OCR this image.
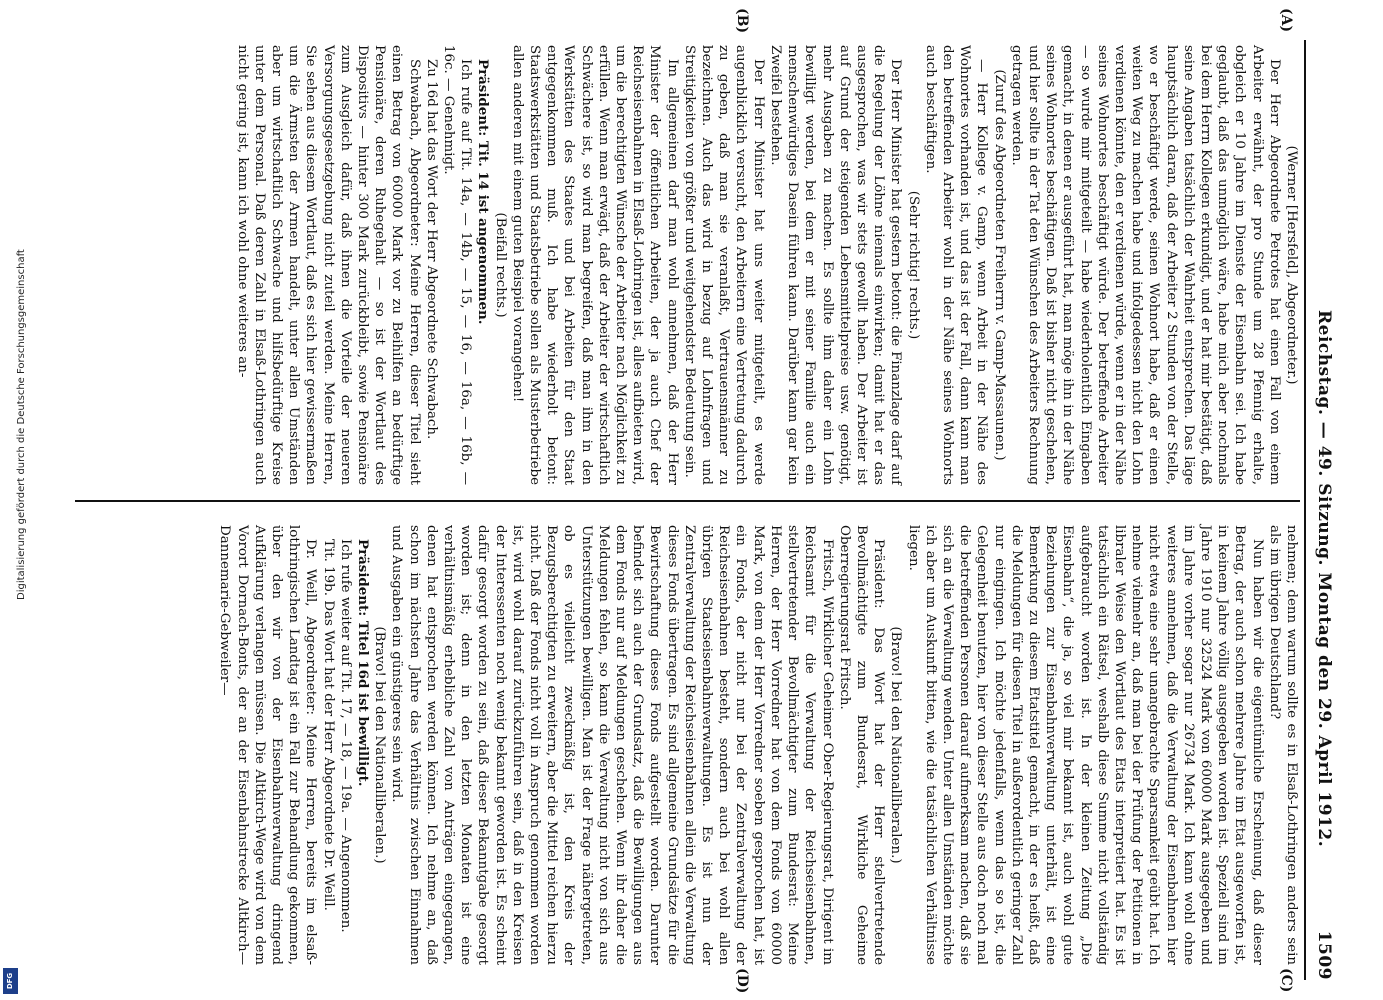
Digitalisierung gefördert durch die Deutsche Forschungsgemeinschaft
DFG
Reichstag. — 49. Sitzung. Montag den 29. April 1912.
1509
(A)
(B)
(C)
(D)

(Werner [Hersfeld], Abgeordneter.)

Der Herr Abgeordnete Petrotes hat einen Fall von einem Arbeiter erwähnt, der pro Stunde um 28 Pfennig erhalte, obgleich er 10 Jahre im Dienste der Eisenbahn sei. Ich habe geglaubt, daß das unmöglich wäre, habe mich aber nochmals bei dem Herrn Kollegen erkundigt, und er hat mir bestätigt, daß seine Angaben tatsächlich der Wahrheit entsprechen. Das läge hauptsächlich daran, daß der Arbeiter 2 Stunden von der Stelle, wo er beschäftigt werde, seinen Wohnort habe, daß er einen weiten Weg zu machen habe und infolgedessen nicht den Lohn verdienen könnte, den er verdienen würde, wenn er in der Nähe seines Wohnortes beschäftigt würde. Der betreffende Arbeiter — so wurde mir mitgeteilt — habe wiederholentlich Eingaben gemacht, in denen er ausgeführt hat, man möge ihn in der Nähe seines Wohnortes beschäftigen. Daß ist bisher nicht geschehen, und hier sollte in der Tat den Wünschen des Arbeiters Rechnung getragen werden.

(Zuruf des Abgeordneten Freiherrn v. Gamp-Massaunen.)

— Herr Kollege v. Gamp, wenn Arbeit in der Nähe des Wohnortes vorhanden ist, und das ist der Fall, dann kann man den betreffenden Arbeiter wohl in der Nähe seines Wohnorts auch beschäftigen.

(Sehr richtig! rechts.)

Der Herr Minister hat gestern betont: die Finanzlage darf auf die Regelung der Löhne niemals einwirken; damit hat er das ausgesprochen, was wir stets gewollt haben. Der Arbeiter ist auf Grund der steigenden Lebensmittelpreise usw. genötigt, mehr Ausgaben zu machen. Es sollte ihm daher ein Lohn bewilligt werden, bei dem er mit seiner Familie auch ein menschenwürdiges Dasein führen kann. Darüber kann gar kein Zweifel bestehen.

Der Herr Minister hat uns weiter mitgeteilt, es werde augenblicklich versucht, den Arbeitern eine Vertretung dadurch zu geben, daß man sie veranlaßt, Vertrauensmänner zu bezeichnen. Auch das wird in bezug auf Lohnfragen und Streitigkeiten von größter und weitgehendster Bedeutung sein.

Im allgemeinen darf man wohl annehmen, daß der Herr Minister der öffentlichen Arbeiten, der ja auch Chef der Reichseisenbahnen in Elsaß-Lothringen ist, alles aufbieten wird, um die berechtigten Wünsche der Arbeiter nach Möglichkeit zu erfüllen. Wenn man erwägt, daß der Arbeiter der wirtschaftlich Schwächere ist, so wird man begreifen, daß man ihm in den Werkstätten des Staates und bei Arbeiten für den Staat entgegenkommen muß. Ich habe wiederholt betont: Staatswerkstätten und Staatsbetriebe sollen als Musterbetriebe allen anderen mit einem guten Beispiel vorangehen!

(Beifall rechts.)

Präsident: Tit. 14 ist angenommen.

Ich rufe auf Tit. 14a, — 14b, — 15, — 16, — 16a, — 16b, — 16c. — Genehmigt.

Zu 16d hat das Wort der Herr Abgeordnete Schwabach.

Schwabach, Abgeordneter: Meine Herren, dieser Titel sieht einen Betrag von 60000 Mark vor zu Beihilfen an bedürftige Pensionäre, deren Ruhegehalt — so ist der Wortlaut des Dispositivs — hinter 300 Mark zurückbleibt, sowie Pensionäre zum Ausgleich dafür, daß ihnen die Vorteile der neueren Versorgungsgesetzgebung nicht zuteil werden. Meine Herren, Sie sehen aus diesem Wortlaut, daß es sich hier gewissermaßen um die Ärmsten der Armen handelt, unter allen Umständen aber um wirtschaftlich Schwache und hilfsbedürftige Kreise unter dem Personal. Daß deren Zahl in Elsaß-Lothringen auch nicht gering ist, kann ich wohl ohne weiteres an-

nehmen; denn warum sollte es in Elsaß-Lothringen anders sein als im übrigen Deutschland?

Nun haben wir die eigentümliche Erscheinung, daß dieser Betrag, der auch schon mehrere Jahre im Etat ausgeworfen ist, in keinem Jahre völlig ausgegeben worden ist. Speziell sind im Jahre 1910 nur 32524 Mark von 60000 Mark ausgegeben und im Jahre vorher sogar nur 26734 Mark. Ich kann wohl ohne weiteres annehmen, daß die Verwaltung der Eisenbahnen hier nicht etwa eine sehr unangebrachte Sparsamkeit geübt hat. Ich nehme vielmehr an, daß man bei der Prüfung der Petitionen in libraler Weise den Wortlaut des Etats interpretiert hat. Es ist tatsächlich ein Rätsel, weshalb diese Summe nicht vollständig aufgebraucht worden ist. In der kleinen Zeitung „Die Eisenbahn“, die ja, so viel mir bekannt ist, auch wohl gute Beziehungen zur Eisenbahnverwaltung unterhält, ist eine Bemerkung zu diesem Etatstitel gemacht, in der es heißt, daß die Meldungen für diesen Titel in außerordentlich geringer Zahl nur eingingen. Ich möchte jedenfalls, wenn das so ist, die Gelegenheit benutzen, hier von dieser Stelle aus doch noch mal die betreffenden Personen darauf aufmerksam machen, daß sie sich an die Verwaltung wenden. Unter allen Umständen möchte ich aber um Auskunft bitten, wie die tatsächlichen Verhältnisse liegen.

(Bravo! bei den Nationalliberalen.)

Präsident: Das Wort hat der Herr stellvertretende Bevollmächtigte zum Bundesrat, Wirkliche Geheime Oberregierungsrat Fritsch.

Fritsch, Wirklicher Geheimer Ober-Regierungsrat, Dirigent im Reichsamt für die Verwaltung der Reichseisenbahnen, stellvertretender Bevollmächtigter zum Bundesrat: Meine Herren, der Herr Vorredner hat von dem Fonds von 60000 Mark, von dem der Herr Vorredner soeben gesprochen hat, ist ein Fonds, der nicht nur bei der Zentralverwaltung der Reichseisenbahnen besteht, sondern auch bei wohl allen übrigen Staatseisenbahnverwaltungen. Es ist nun der Zentralverwaltung der Reichseisenbahnen allein die Verwaltung dieses Fonds übertragen. Es sind allgemeine Grundsätze für die Bewirtschaftung dieses Fonds aufgestellt worden. Darunter befindet sich auch der Grundsatz, daß die Bewilligungen aus dem Fonds nur auf Meldungen geschehen. Wenn ihr daher die Meldungen fehlen, so kann die Verwaltung nicht von sich aus Unterstützungen bewilligen. Man ist der Frage nähergetreten, ob es vielleicht zweckmäßig ist, den Kreis der Bezugsberechtigten zu erweitern, aber die Mittel reichen hierzu nicht. Daß der Fonds nicht voll in Anspruch genommen worden ist, wird wohl darauf zurückzuführen sein, daß in den Kreisen der Interessenten noch wenig bekannt geworden ist. Es scheint dafür gesorgt worden zu sein, daß dieser Bekanntgabe gesorgt worden ist; denn in den letzten Monaten ist eine verhältnismäßig erhebliche Zahl von Anträgen eingegangen, denen hat entsprochen werden können. Ich nehme an, daß schon im nächsten Jahre das Verhältnis zwischen Einnahmen und Ausgaben ein günstigeres sein wird.

(Bravo! bei den Nationalliberalen.)

Präsident: Titel 16d ist bewilligt.

Ich rufe weiter auf Tit. 17, — 18, — 19a. — Angenommen.

Tit. 19b. Das Wort hat der Herr Abgeordnete Dr. Weill.

Dr. Weill, Abgeordneter: Meine Herren, bereits im elsaß-lothringischen Landtag ist ein Fall zur Behandlung gekommen, über den wir von der Eisenbahnverwaltung dringend Aufklärung verlangen müssen. Die Altkirch-Wege wird von dem Vorort Dornach-Bonts, der an der Eisenbahnstrecke Altkirch—Dannemarie-Gebweiler—
